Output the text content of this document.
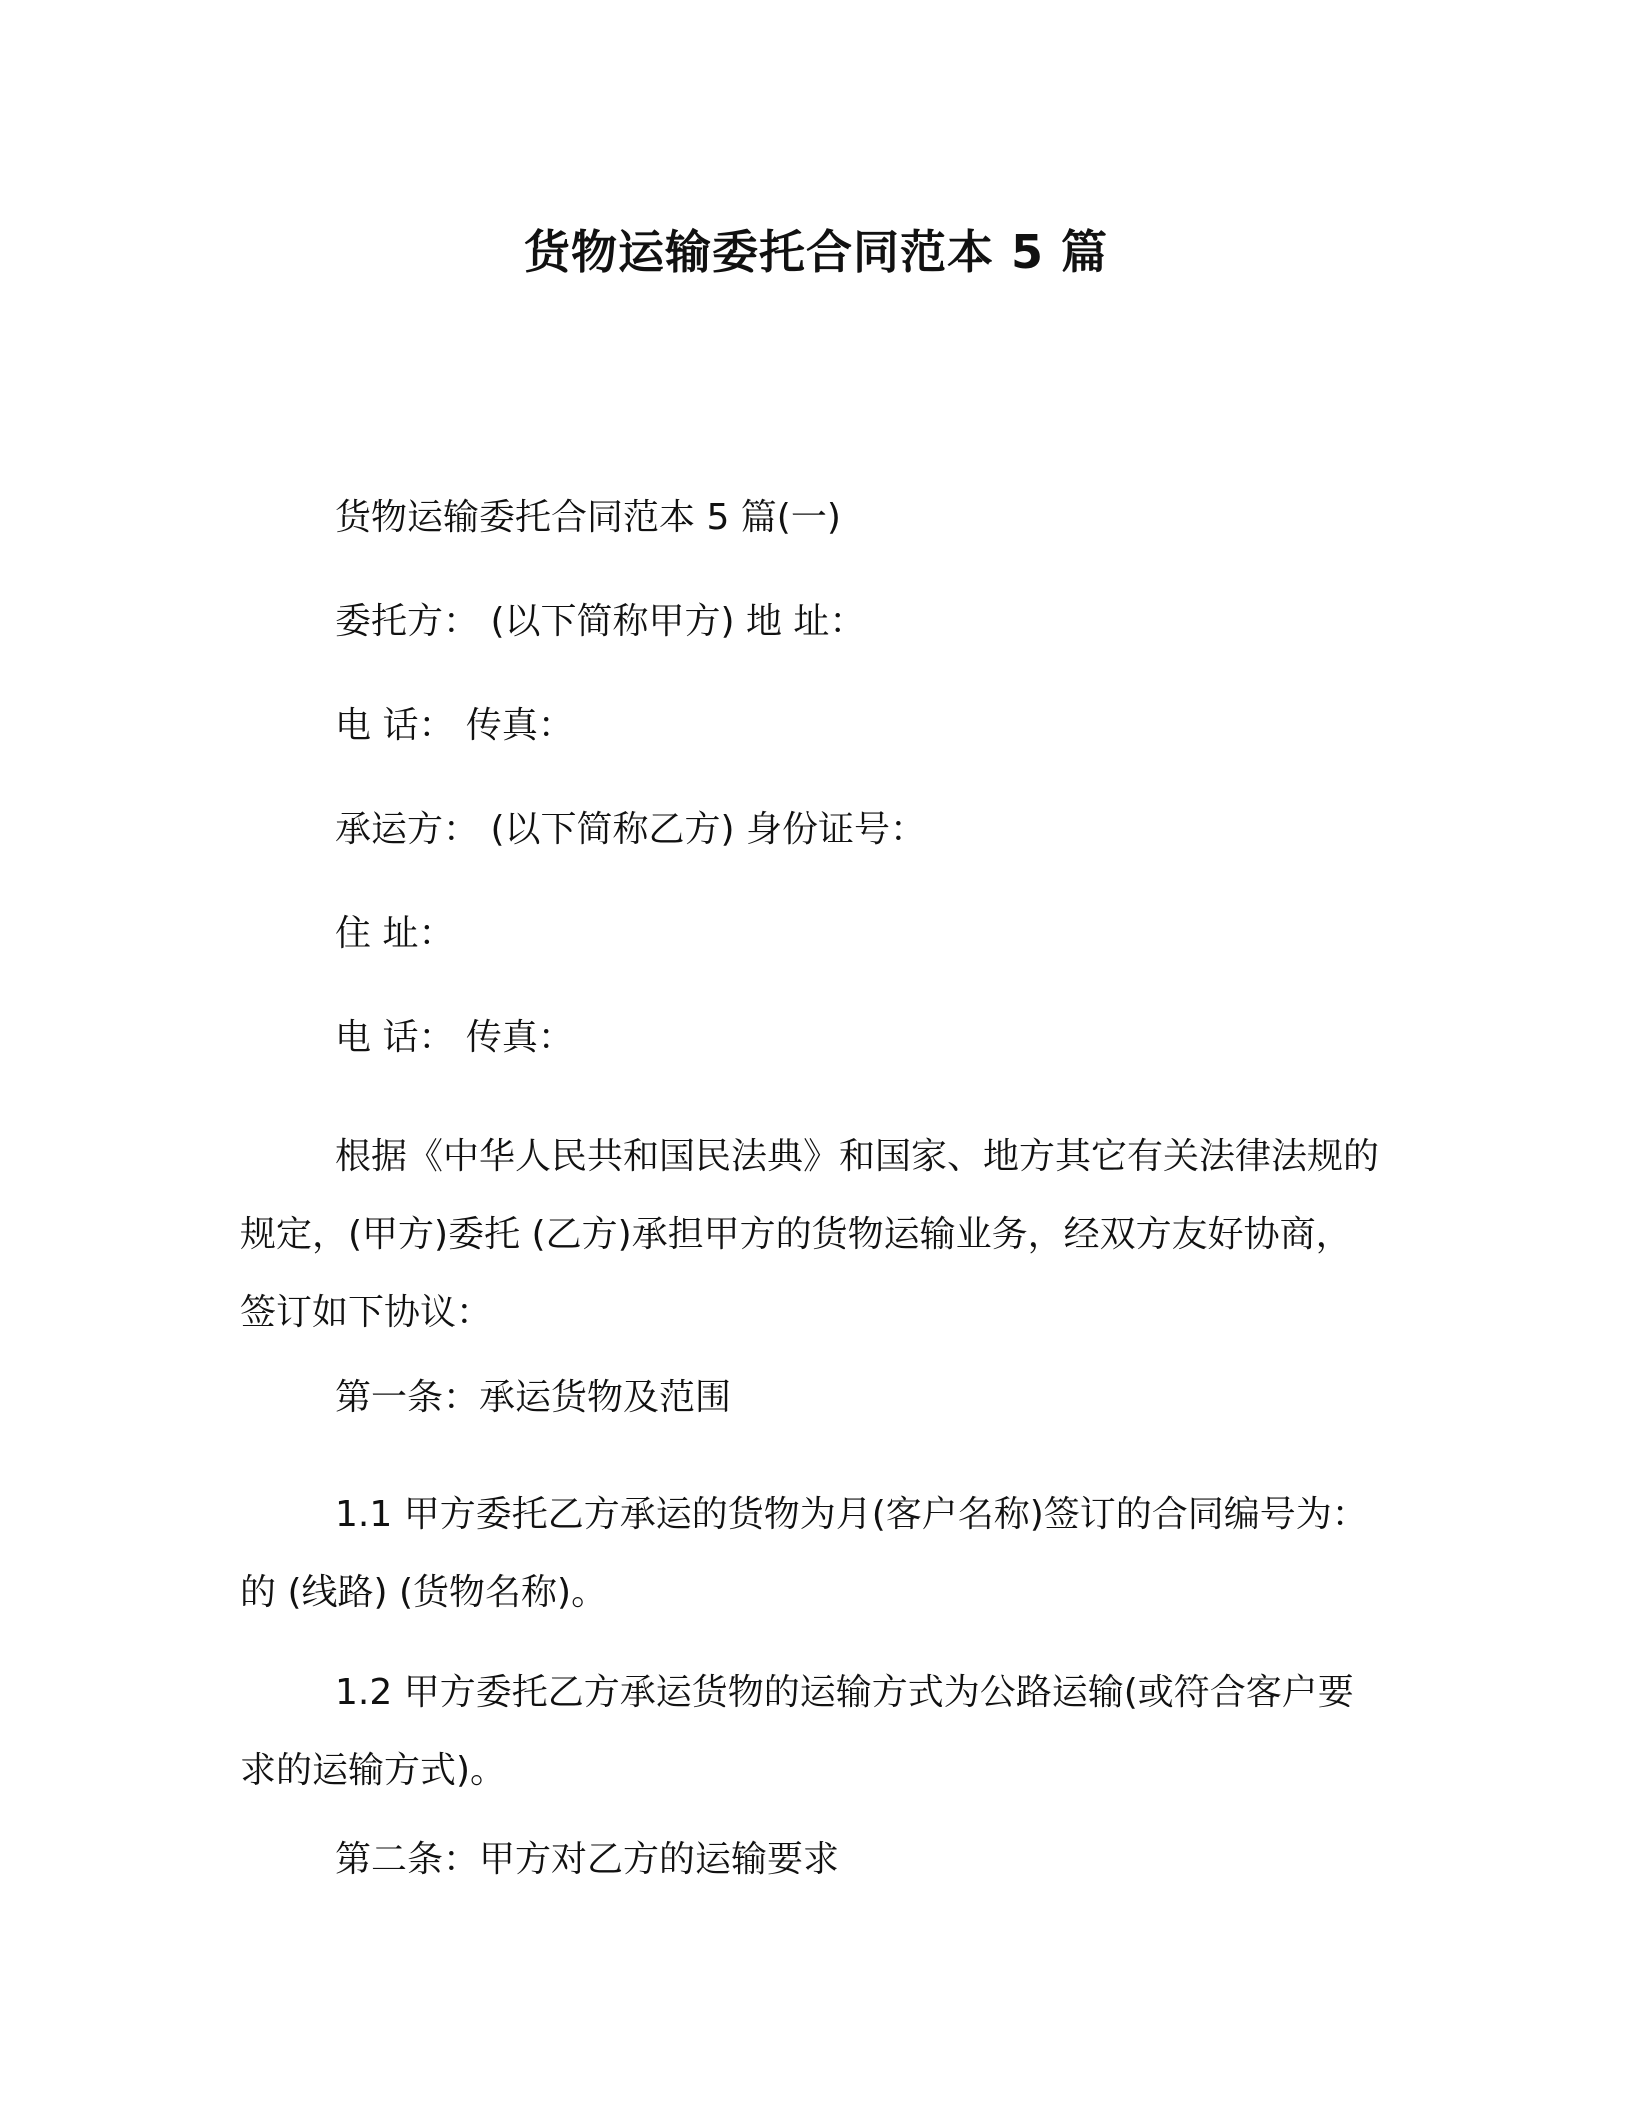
货物运输委托合同范本 5 篇
货物运输委托合同范本 5 篇(一)
委托方： (以下简称甲方) 地 址：
电 话： 传真：
承运方： (以下简称乙方) 身份证号：
住 址：
电 话： 传真：

根据《中华人民共和国民法典》和国家、地方其它有关法律法规的规定，(甲方)委托 (乙方)承担甲方的货物运输业务，经双方友好协商，签订如下协议：

第一条：承运货物及范围

1.1 甲方委托乙方承运的货物为月(客户名称)签订的合同编号为：的 (线路) (货物名称)。

1.2 甲方委托乙方承运货物的运输方式为公路运输(或符合客户要求的运输方式)。

第二条：甲方对乙方的运输要求
